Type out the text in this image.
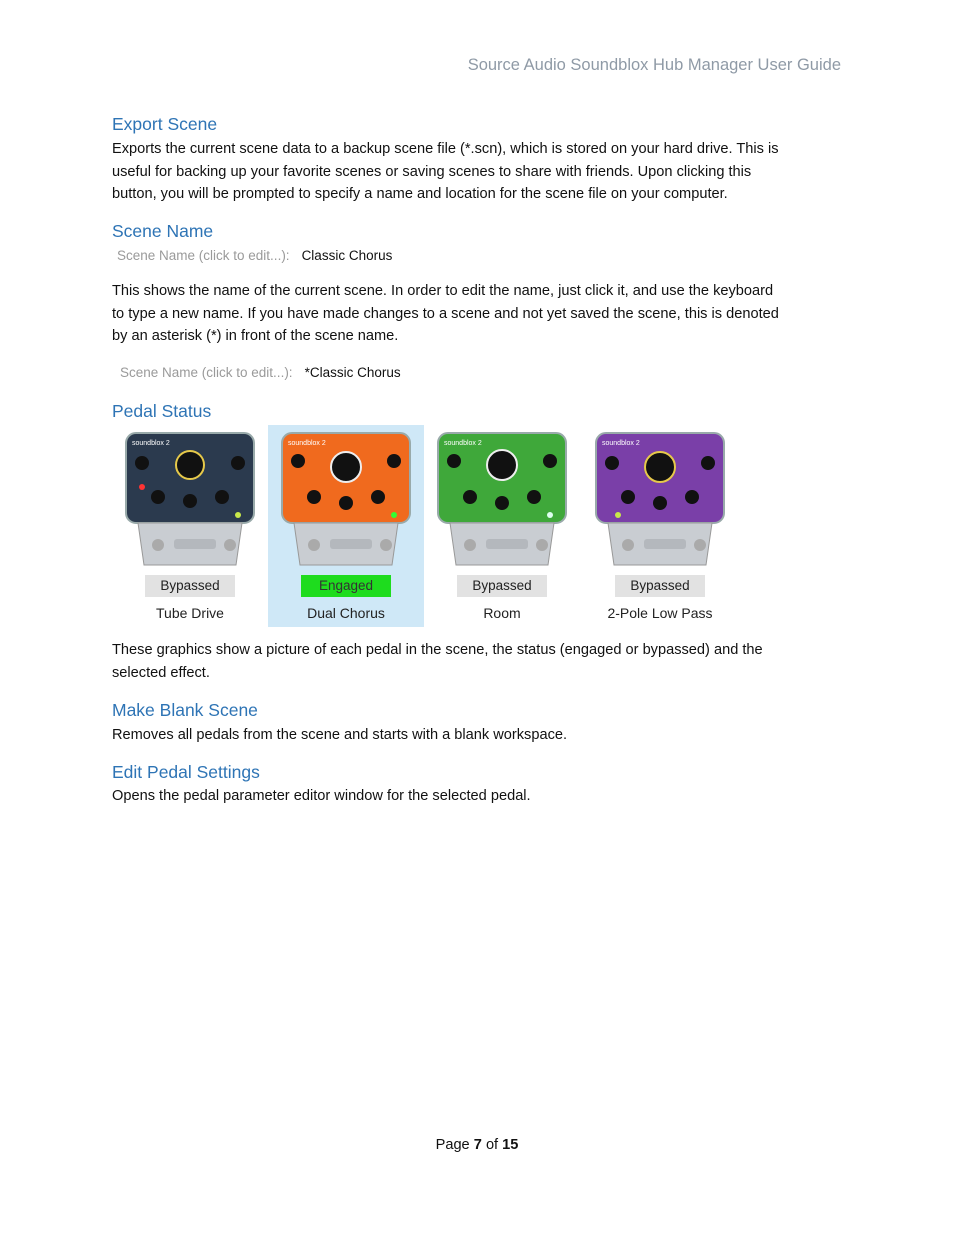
Source Audio Soundblox Hub Manager User Guide
Export Scene
Exports the current scene data to a backup scene file (*.scn), which is stored on your hard drive. This is
useful for backing up your favorite scenes or saving scenes to share with friends. Upon clicking this
button, you will be prompted to specify a name and location for the scene file on your computer.
Scene Name
Scene Name (click to edit...): Classic Chorus
This shows the name of the current scene. In order to edit the name, just click it, and use the keyboard
to type a new name. If you have made changes to a scene and not yet saved the scene, this is denoted
by an asterisk (*) in front of the scene name.
Scene Name (click to edit...): *Classic Chorus
Pedal Status
soundblox 2
Bypassed
Tube Drive
soundblox 2
Engaged
Dual Chorus
soundblox 2
Bypassed
Room
soundblox 2
Bypassed
2-Pole Low Pass
These graphics show a picture of each pedal in the scene, the status (engaged or bypassed) and the
selected effect.
Make Blank Scene
Removes all pedals from the scene and starts with a blank workspace.
Edit Pedal Settings
Opens the pedal parameter editor window for the selected pedal.
Page 7 of 15
